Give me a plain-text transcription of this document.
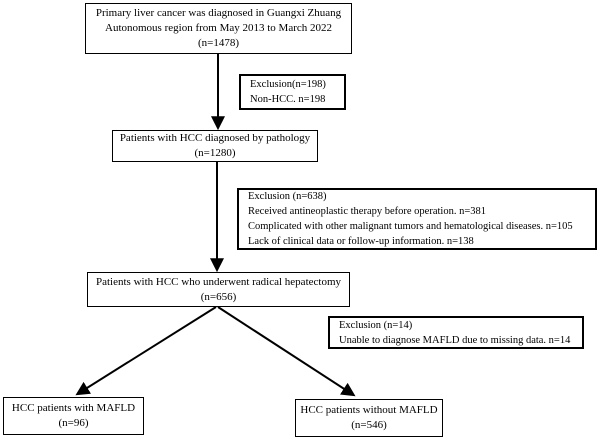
Primary liver cancer was diagnosed in Guangxi Zhuang
Autonomous region from May 2013 to March 2022
(n=1478)
Exclusion(n=198)
Non-HCC. n=198
Patients with HCC diagnosed by pathology
(n=1280)
Exclusion (n=638)
Received antineoplastic therapy before operation. n=381
Complicated with other malignant tumors and hematological diseases. n=105
Lack of clinical data or follow-up information. n=138
Patients with HCC who underwent radical hepatectomy
(n=656)
Exclusion (n=14)
Unable to diagnose MAFLD due to missing data. n=14
HCC patients with MAFLD
(n=96)
HCC patients without MAFLD
(n=546)
